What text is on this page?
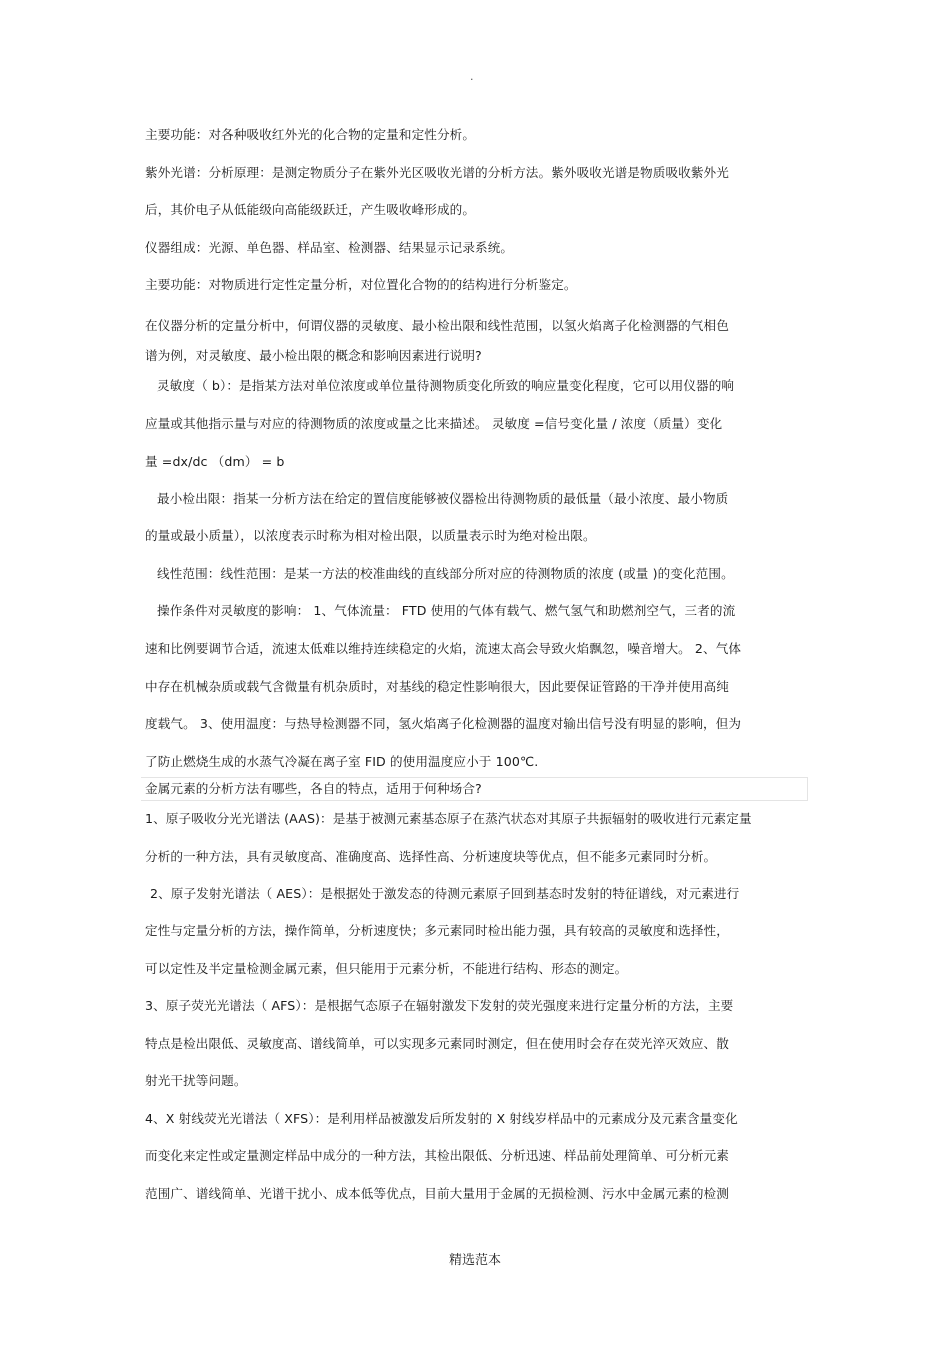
.
主要功能：对各种吸收红外光的化合物的定量和定性分析。
紫外光谱：分析原理：是测定物质分子在紫外光区吸收光谱的分析方法。紫外吸收光谱是物质吸收紫外光
后，其价电子从低能级向高能级跃迁，产生吸收峰形成的。
仪器组成：光源、单色器、样品室、检测器、结果显示记录系统。
主要功能：对物质进行定性定量分析，对位置化合物的的结构进行分析鉴定。
在仪器分析的定量分析中，何谓仪器的灵敏度、最小检出限和线性范围，以氢火焰离子化检测器的气相色
谱为例，对灵敏度、最小检出限的概念和影响因素进行说明?
灵敏度（ b）：是指某方法对单位浓度或单位量待测物质变化所致的响应量变化程度，它可以用仪器的响
应量或其他指示量与对应的待测物质的浓度或量之比来描述。 灵敏度 =信号变化量 / 浓度（质量）变化
量 =dx/dc （dm） = b
最小检出限：指某一分析方法在给定的置信度能够被仪器检出待测物质的最低量（最小浓度、最小物质
的量或最小质量），以浓度表示时称为相对检出限，以质量表示时为绝对检出限。
线性范围：线性范围：是某一方法的校准曲线的直线部分所对应的待测物质的浓度 (或量 )的变化范围。
操作条件对灵敏度的影响： 1、气体流量： FTD 使用的气体有载气、燃气氢气和助燃剂空气，三者的流
速和比例要调节合适，流速太低难以维持连续稳定的火焰，流速太高会导致火焰飘忽，噪音增大。 2、气体
中存在机械杂质或载气含微量有机杂质时，对基线的稳定性影响很大，因此要保证管路的干净并使用高纯
度载气。 3、使用温度：与热导检测器不同，氢火焰离子化检测器的温度对输出信号没有明显的影响，但为
了防止燃烧生成的水蒸气冷凝在离子室 FID 的使用温度应小于 100℃.
金属元素的分析方法有哪些，各自的特点，适用于何种场合?
1、原子吸收分光光谱法 (AAS)：是基于被测元素基态原子在蒸汽状态对其原子共振辐射的吸收进行元素定量
分析的一种方法，具有灵敏度高、准确度高、选择性高、分析速度块等优点，但不能多元素同时分析。
2、原子发射光谱法（ AES）：是根据处于激发态的待测元素原子回到基态时发射的特征谱线，对元素进行
定性与定量分析的方法，操作简单，分析速度快；多元素同时检出能力强，具有较高的灵敏度和选择性，
可以定性及半定量检测金属元素，但只能用于元素分析，不能进行结构、形态的测定。
3、原子荧光光谱法（ AFS）：是根据气态原子在辐射激发下发射的荧光强度来进行定量分析的方法，主要
特点是检出限低、灵敏度高、谱线简单，可以实现多元素同时测定，但在使用时会存在荧光淬灭效应、散
射光干扰等问题。
4、X 射线荧光光谱法（ XFS）：是利用样品被激发后所发射的 X 射线岁样品中的元素成分及元素含量变化
而变化来定性或定量测定样品中成分的一种方法，其检出限低、分析迅速、样品前处理简单、可分析元素
范围广、谱线简单、光谱干扰小、成本低等优点，目前大量用于金属的无损检测、污水中金属元素的检测
精选范本
